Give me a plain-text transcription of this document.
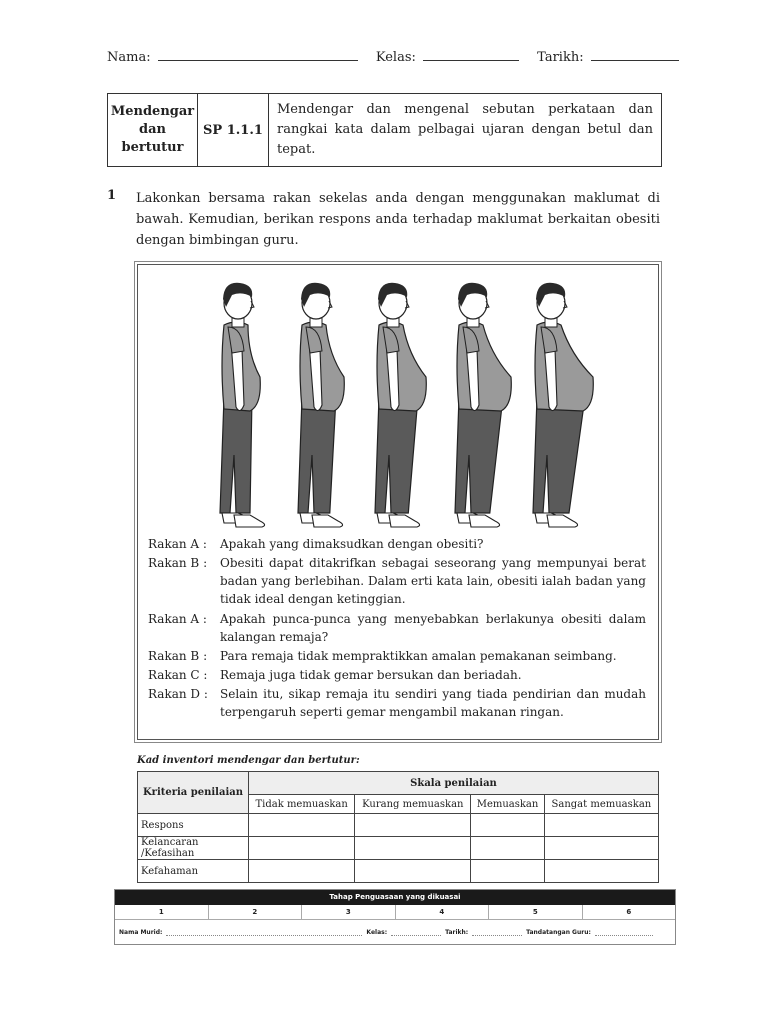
Nama:	Kelas:	Tarikh:
Mendengar dan bertutur
SP 1.1.1
Mendengar dan mengenal sebutan perkataan dan rangkai kata dalam pelbagai ujaran dengan betul dan tepat.
1 Lakonkan bersama rakan sekelas anda dengan menggunakan maklumat di bawah. Kemudian, berikan respons anda terhadap maklumat berkaitan obesiti dengan bimbingan guru.
Rakan A :	Apakah yang dimaksudkan dengan obesiti?
Rakan B :	Obesiti dapat ditakrifkan sebagai seseorang yang mempunyai berat badan yang berlebihan. Dalam erti kata lain, obesiti ialah badan yang tidak ideal dengan ketinggian.
Rakan A :	Apakah punca-punca yang menyebabkan berlakunya obesiti dalam kalangan remaja?
Rakan B :	Para remaja tidak mempraktikkan amalan pemakanan seimbang.
Rakan C :	Remaja juga tidak gemar bersukan dan beriadah.
Rakan D :	Selain itu, sikap remaja itu sendiri yang tiada pendirian dan mudah terpengaruh seperti gemar mengambil makanan ringan.
Kad inventori mendengar dan bertutur:
Kriteria penilaian	Skala penilaian			
	Tidak memuaskan	Kurang memuaskan	Memuaskan	Sangat memuaskan
Respons				
Kelancaran /Kefasihan				
Kefahaman				
Tahap Penguasaan yang dikuasai
1	2	3	4	5	6
Nama Murid:	Kelas:	Tarikh:	Tandatangan Guru:
